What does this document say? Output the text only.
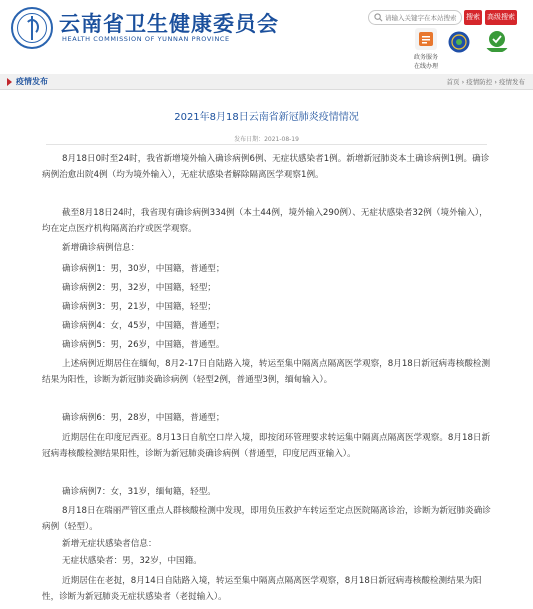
云南省卫生健康委员会
HEALTH COMMISSION OF YUNNAN PROVINCE
请输入关键字在本站搜索
搜索 高级搜索
政务服务
在线办理
疫情发布	首页 › 疫情防控 › 疫情发布
2021年8月18日云南省新冠肺炎疫情情况
发布日期：2021-08-19
8月18日0时至24时，我省新增境外输入确诊病例6例、无症状感染者1例。新增新冠肺炎本土确诊病例1例。确诊病例治愈出院4例（均为境外输入），无症状感染者解除隔离医学观察1例。
截至8月18日24时，我省现有确诊病例334例（本土44例，境外输入290例）、无症状感染者32例（境外输入），均在定点医疗机构隔离治疗或医学观察。
新增确诊病例信息：
确诊病例1：男，30岁，中国籍，普通型；
确诊病例2：男，32岁，中国籍，轻型；
确诊病例3：男，21岁，中国籍，轻型；
确诊病例4：女，45岁，中国籍，普通型；
确诊病例5：男，26岁，中国籍，普通型。
上述病例近期居住在缅甸，8月2-17日自陆路入境，转运至集中隔离点隔离医学观察，8月18日新冠病毒核酸检测结果为阳性，诊断为新冠肺炎确诊病例（轻型2例，普通型3例，缅甸输入）。
确诊病例6：男，28岁，中国籍，普通型；
近期居住在印度尼西亚。8月13日自航空口岸入境，即按闭环管理要求转运集中隔离点隔离医学观察。8月18日新冠病毒核酸检测结果阳性，诊断为新冠肺炎确诊病例（普通型，印度尼西亚输入）。
确诊病例7：女，31岁，缅甸籍，轻型。
8月18日在瑞丽严管区重点人群核酸检测中发现，即用负压救护车转运至定点医院隔离诊治，诊断为新冠肺炎确诊病例（轻型）。
新增无症状感染者信息：
无症状感染者：男，32岁，中国籍。
近期居住在老挝，8月14日自陆路入境，转运至集中隔离点隔离医学观察，8月18日新冠病毒核酸检测结果为阳性，诊断为新冠肺炎无症状感染者（老挝输入）。
